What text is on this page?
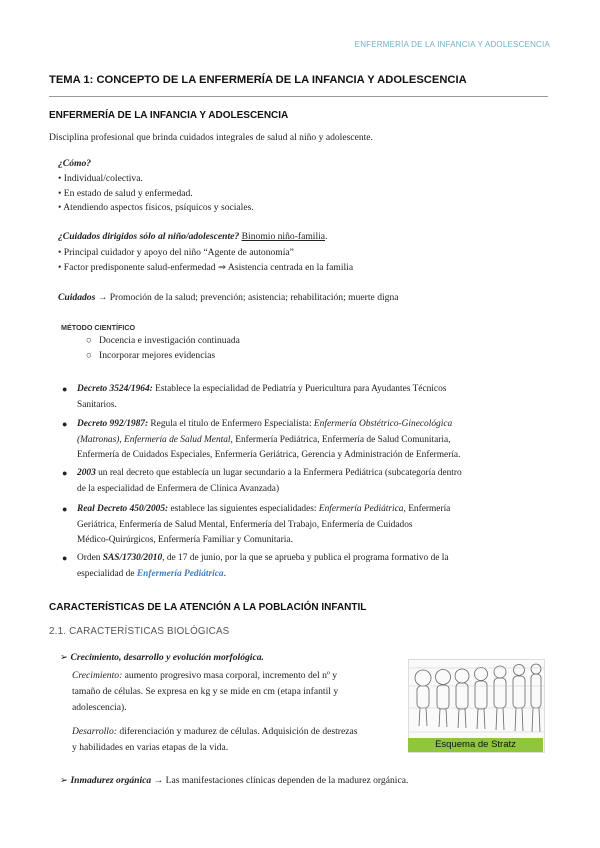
ENFERMERÍA DE LA INFANCIA Y ADOLESCENCIA
TEMA 1: CONCEPTO DE LA ENFERMERÍA DE LA INFANCIA Y ADOLESCENCIA
ENFERMERÍA DE LA INFANCIA Y ADOLESCENCIA
Disciplina profesional que brinda cuidados integrales de salud al niño y adolescente.
¿Cómo?
• Individual/colectiva.
• En estado de salud y enfermedad.
• Atendiendo aspectos físicos, psíquicos y sociales.
¿Cuidados dirigidos sólo al niño/adolescente? Binomio niño-familia.
• Principal cuidador y apoyo del niño “Agente de autonomía”
• Factor predisponente salud-enfermedad ⇒ Asistencia centrada en la familia
Cuidados → Promoción de la salud; prevención; asistencia; rehabilitación; muerte digna
MÉTODO CIENTÍFICO
○   Docencia e investigación continuada
○   Incorporar mejores evidencias
● Decreto 3524/1964: Establece la especialidad de Pediatría y Puericultura para Ayudantes Técnicos
Sanitarios.
● Decreto 992/1987: Regula el título de Enfermero Especialista: Enfermería Obstétrico-Ginecológica
(Matronas), Enfermería de Salud Mental, Enfermería Pediátrica, Enfermería de Salud Comunitaria,
Enfermería de Cuidados Especiales, Enfermería Geriátrica, Gerencia y Administración de Enfermería.
● 2003 un real decreto que establecía un lugar secundario a la Enfermera Pediátrica (subcategoría dentro
de la especialidad de Enfermera de Clínica Avanzada)
● Real Decreto 450/2005: establece las siguientes especialidades: Enfermería Pediátrica, Enfermería
Geriátrica, Enfermería de Salud Mental, Enfermería del Trabajo, Enfermería de Cuidados
Médico-Quirúrgicos, Enfermería Familiar y Comunitaria.
● Orden SAS/1730/2010, de 17 de junio, por la que se aprueba y publica el programa formativo de la
especialidad de Enfermería Pediátrica.
CARACTERÍSTICAS DE LA ATENCIÓN A LA POBLACIÓN INFANTIL
2.1. CARACTERÍSTICAS BIOLÓGICAS
➢ Crecimiento, desarrollo y evolución morfológica.
Crecimiento: aumento progresivo masa corporal, incremento del nº y
tamaño de células. Se expresa en kg y se mide en cm (etapa infantil y
adolescencia).
Desarrollo: diferenciación y madurez de células. Adquisición de destrezas
y habilidades en varias etapas de la vida.	Esquema de Stratz
➢ Inmadurez orgánica → Las manifestaciones clínicas dependen de la madurez orgánica.
